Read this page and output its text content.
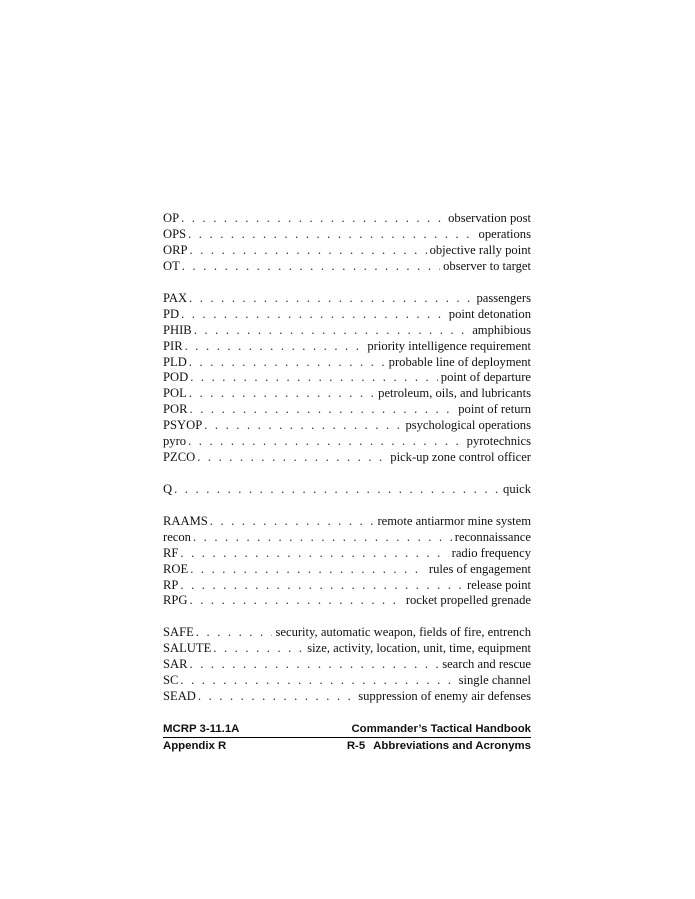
OP . . .	observation post
OPS . . .	operations
ORP . . .	objective rally point
OT . . .	observer to target
PAX . . .	passengers
PD . . .	point detonation
PHIB . . .	amphibious
PIR . . .	priority intelligence requirement
PLD . . .	probable line of deployment
POD . . .	point of departure
POL . . .	petroleum, oils, and lubricants
POR . . .	point of return
PSYOP . . .	psychological operations
pyro . . .	pyrotechnics
PZCO . . .	pick-up zone control officer
Q . . .	quick
RAAMS . . .	remote antiarmor mine system
recon . . .	reconnaissance
RF . . .	radio frequency
ROE . . .	rules of engagement
RP . . .	release point
RPG . . .	rocket propelled grenade
SAFE . . .	security, automatic weapon, fields of fire, entrench
SALUTE . . .	size, activity, location, unit, time, equipment
SAR . . .	search and rescue
SC . . .	single channel
SEAD . . .	suppression of enemy air defenses
MCRP 3-11.1A	Commander’s Tactical Handbook
Appendix R	R-5 Abbreviations and Acronyms
